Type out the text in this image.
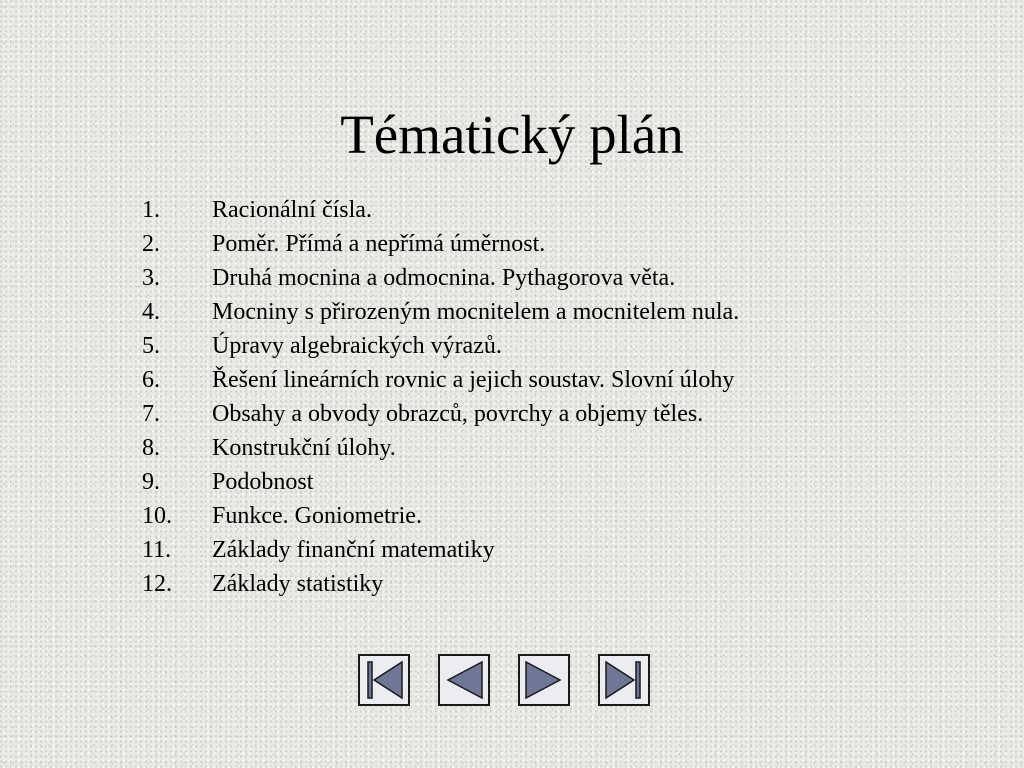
Tématický plán
1.	Racionální čísla.
2.	Poměr. Přímá a nepřímá úměrnost.
3.	Druhá mocnina a odmocnina. Pythagorova věta.
4.	Mocniny s přirozeným mocnitelem a mocnitelem nula.
5.	Úpravy algebraických výrazů.
6.	Řešení lineárních rovnic a jejich soustav. Slovní úlohy
7.	Obsahy a obvody obrazců, povrchy a objemy těles.
8.	Konstrukční úlohy.
9.	Podobnost
10.	Funkce. Goniometrie.
11.	Základy finanční matematiky
12.	Základy statistiky
